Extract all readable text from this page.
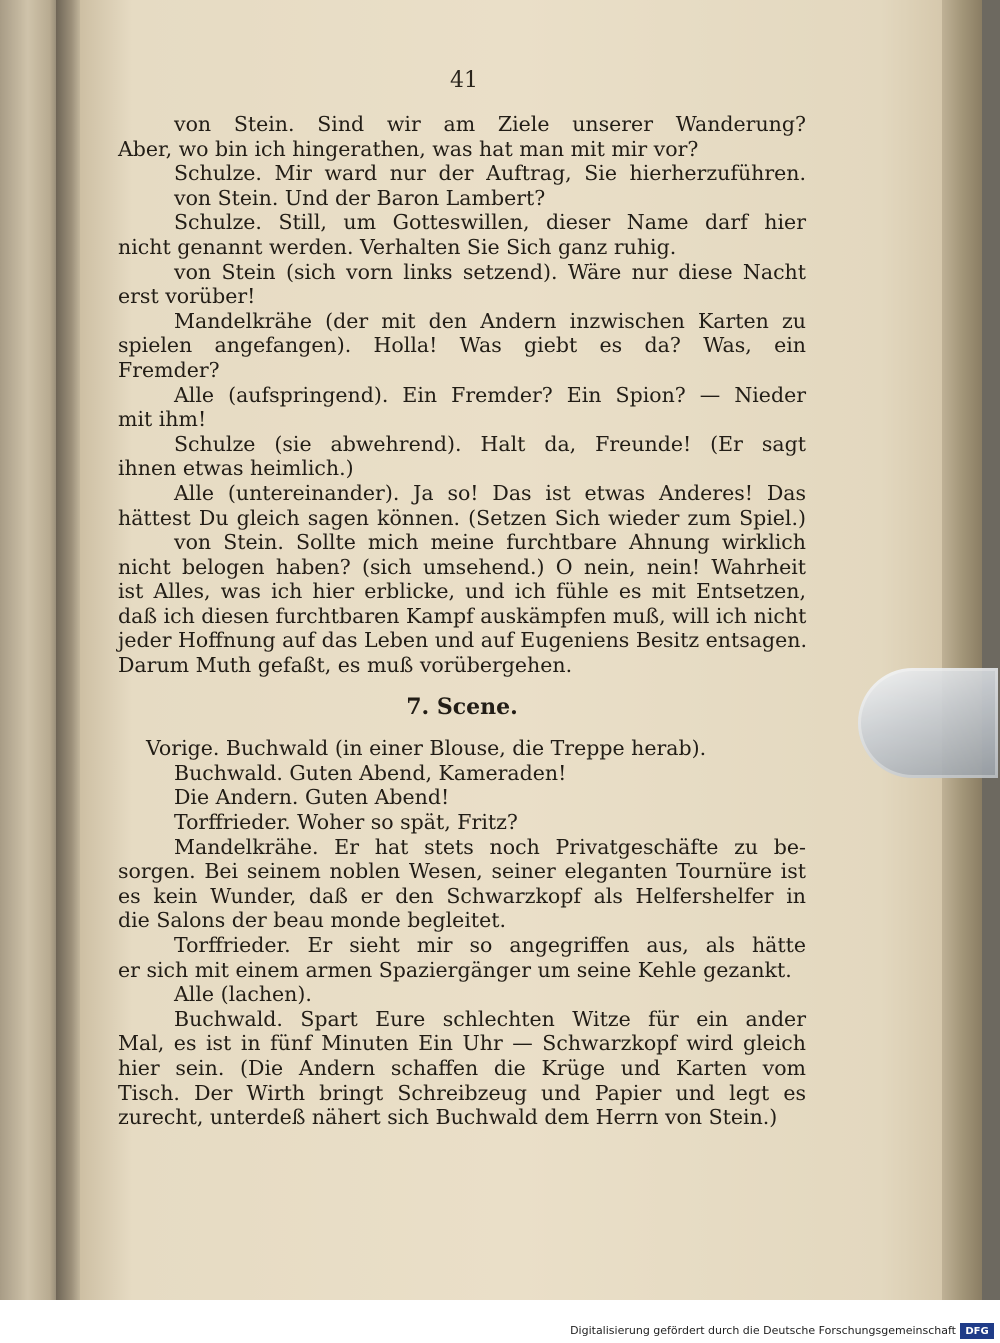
41
von Stein. Sind wir am Ziele unserer Wanderung?
Aber, wo bin ich hingerathen, was hat man mit mir vor?
Schulze. Mir ward nur der Auftrag, Sie hierherzuführen.
von Stein. Und der Baron Lambert?
Schulze. Still, um Gotteswillen, dieser Name darf hier
nicht genannt werden. Verhalten Sie Sich ganz ruhig.
von Stein (sich vorn links setzend). Wäre nur diese Nacht
erst vorüber!
Mandelkrähe (der mit den Andern inzwischen Karten zu
spielen angefangen). Holla! Was giebt es da? Was, ein
Fremder?
Alle (aufspringend). Ein Fremder? Ein Spion? — Nieder
mit ihm!
Schulze (sie abwehrend). Halt da, Freunde! (Er sagt
ihnen etwas heimlich.)
Alle (untereinander). Ja so! Das ist etwas Anderes! Das
hättest Du gleich sagen können. (Setzen Sich wieder zum Spiel.)
von Stein. Sollte mich meine furchtbare Ahnung wirklich
nicht belogen haben? (sich umsehend.) O nein, nein! Wahrheit
ist Alles, was ich hier erblicke, und ich fühle es mit Entsetzen,
daß ich diesen furchtbaren Kampf auskämpfen muß, will ich nicht
jeder Hoffnung auf das Leben und auf Eugeniens Besitz entsagen.
Darum Muth gefaßt, es muß vorübergehen.
7. Scene.
Vorige. Buchwald (in einer Blouse, die Treppe herab).
Buchwald. Guten Abend, Kameraden!
Die Andern. Guten Abend!
Torffrieder. Woher so spät, Fritz?
Mandelkrähe. Er hat stets noch Privatgeschäfte zu be-
sorgen. Bei seinem noblen Wesen, seiner eleganten Tournüre ist
es kein Wunder, daß er den Schwarzkopf als Helfershelfer in
die Salons der beau monde begleitet.
Torffrieder. Er sieht mir so angegriffen aus, als hätte
er sich mit einem armen Spaziergänger um seine Kehle gezankt.
Alle (lachen).
Buchwald. Spart Eure schlechten Witze für ein ander
Mal, es ist in fünf Minuten Ein Uhr — Schwarzkopf wird gleich
hier sein. (Die Andern schaffen die Krüge und Karten vom
Tisch. Der Wirth bringt Schreibzeug und Papier und legt es
zurecht, unterdeß nähert sich Buchwald dem Herrn von Stein.)
Digitalisierung gefördert durch die Deutsche Forschungsgemeinschaft DFG
